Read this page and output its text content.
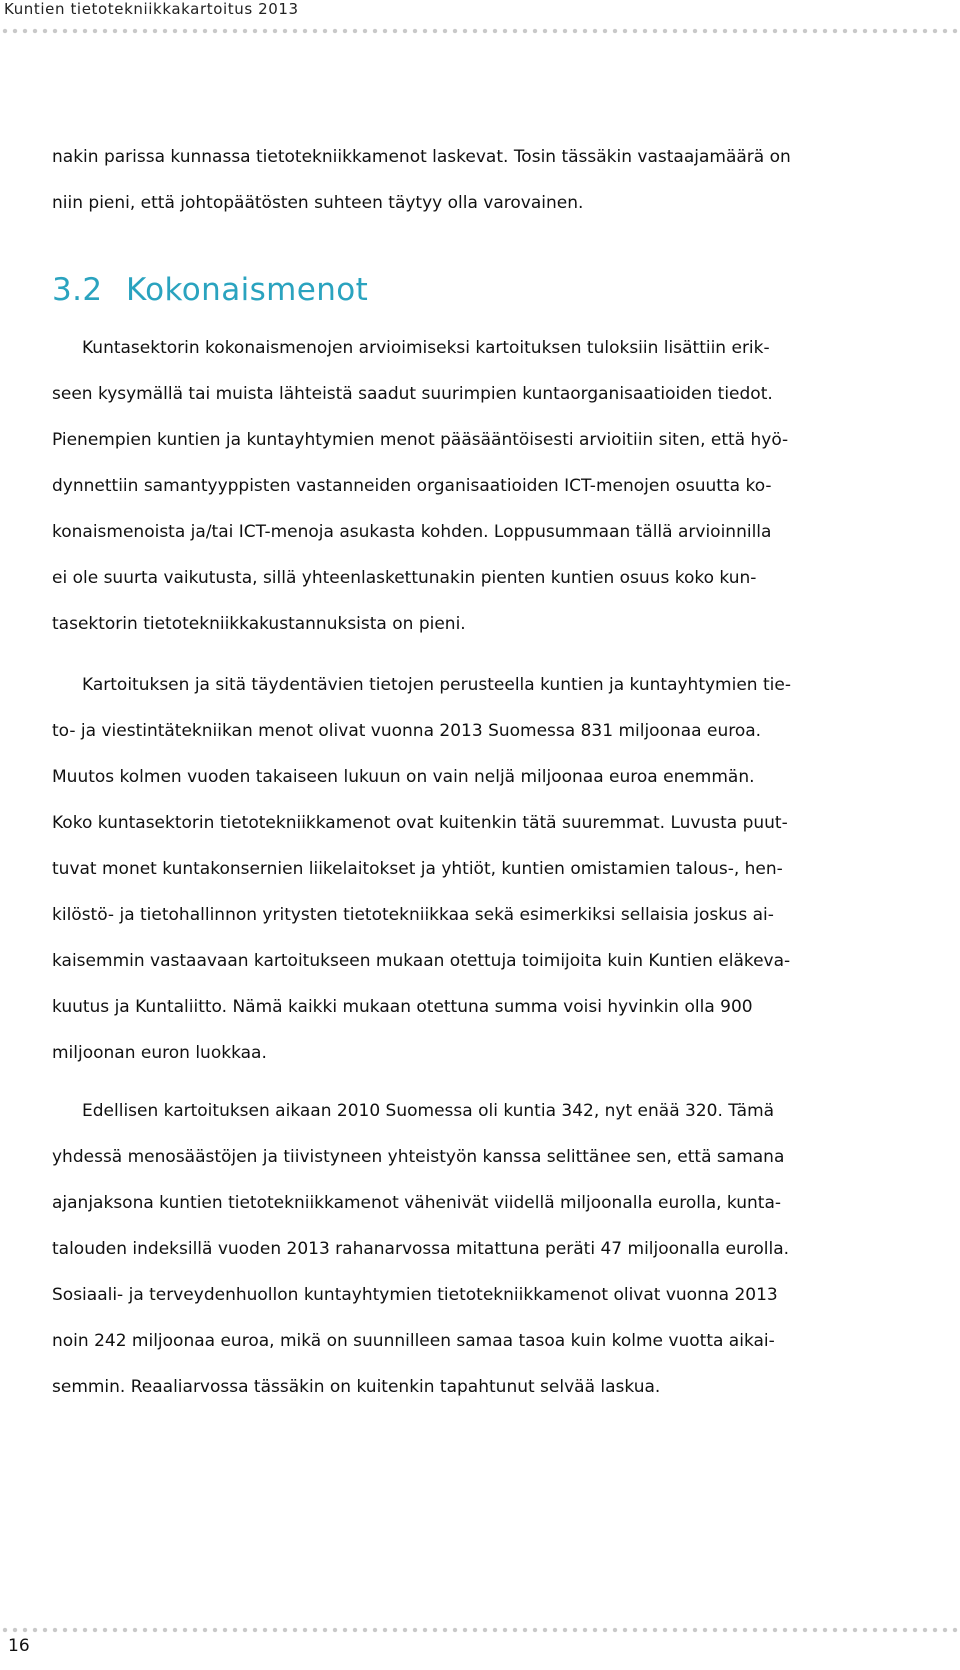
Kuntien tietotekniikkakartoitus 2013
nakin parissa kunnassa tietotekniikkamenot laskevat. Tosin tässäkin vastaajamäärä on
niin pieni, että johtopäätösten suhteen täytyy olla varovainen.
3.2 Kokonaismenot
Kuntasektorin kokonaismenojen arvioimiseksi kartoituksen tuloksiin lisättiin erik-
seen kysymällä tai muista lähteistä saadut suurimpien kuntaorganisaatioiden tiedot.
Pienempien kuntien ja kuntayhtymien menot pääsääntöisesti arvioitiin siten, että hyö-
dynnettiin samantyyppisten vastanneiden organisaatioiden ICT-menojen osuutta ko-
konaismenoista ja/tai ICT-menoja asukasta kohden. Loppusummaan tällä arvioinnilla
ei ole suurta vaikutusta, sillä yhteenlaskettunakin pienten kuntien osuus koko kun-
tasektorin tietotekniikkakustannuksista on pieni.
Kartoituksen ja sitä täydentävien tietojen perusteella kuntien ja kuntayhtymien tie-
to- ja viestintätekniikan menot olivat vuonna 2013 Suomessa 831 miljoonaa euroa.
Muutos kolmen vuoden takaiseen lukuun on vain neljä miljoonaa euroa enemmän.
Koko kuntasektorin tietotekniikkamenot ovat kuitenkin tätä suuremmat. Luvusta puut-
tuvat monet kuntakonsernien liikelaitokset ja yhtiöt, kuntien omistamien talous-, hen-
kilöstö- ja tietohallinnon yritysten tietotekniikkaa sekä esimerkiksi sellaisia joskus ai-
kaisemmin vastaavaan kartoitukseen mukaan otettuja toimijoita kuin Kuntien eläkeva-
kuutus ja Kuntaliitto. Nämä kaikki mukaan otettuna summa voisi hyvinkin olla 900
miljoonan euron luokkaa.
Edellisen kartoituksen aikaan 2010 Suomessa oli kuntia 342, nyt enää 320. Tämä
yhdessä menosäästöjen ja tiivistyneen yhteistyön kanssa selittänee sen, että samana
ajanjaksona kuntien tietotekniikkamenot vähenivät viidellä miljoonalla eurolla, kunta-
talouden indeksillä vuoden 2013 rahanarvossa mitattuna peräti 47 miljoonalla eurolla.
Sosiaali- ja terveydenhuollon kuntayhtymien tietotekniikkamenot olivat vuonna 2013
noin 242 miljoonaa euroa, mikä on suunnilleen samaa tasoa kuin kolme vuotta aikai-
semmin. Reaaliarvossa tässäkin on kuitenkin tapahtunut selvää laskua.
16
